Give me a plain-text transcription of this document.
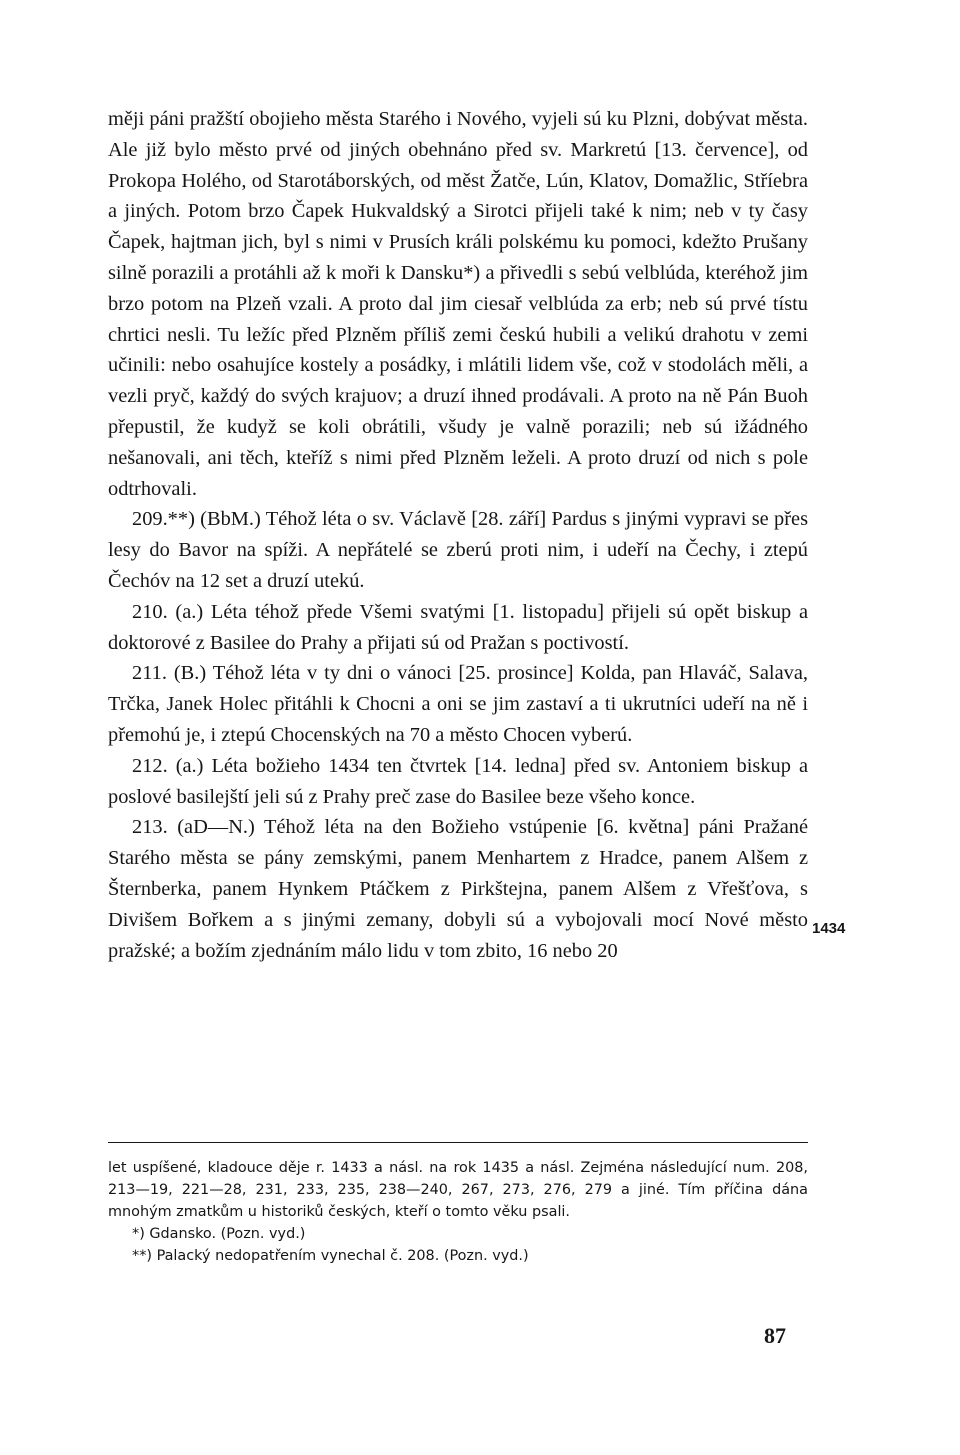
měji páni pražští obojieho města Starého i Nového, vyjeli sú ku Plzni, dobývat města. Ale již bylo město prvé od jiných obehnáno před sv. Markretú [13. července], od Prokopa Holého, od Starotáborských, od měst Žatče, Lún, Klatov, Domažlic, Stříebra a jiných. Potom brzo Čapek Hukvaldský a Sirotci přijeli také k nim; neb v ty časy Čapek, hajtman jich, byl s nimi v Prusích králi polskému ku pomoci, kdežto Prušany silně porazili a protáhli až k moři k Dansku*) a přivedli s sebú velblúda, kteréhož jim brzo potom na Plzeň vzali. A proto dal jim ciesař velblúda za erb; neb sú prvé tístu chrtici nesli. Tu ležíc před Plzněm příliš zemi českú hubili a velikú drahotu v zemi učinili: nebo osahujíce kostely a posádky, i mlátili lidem vše, což v stodolách měli, a vezli pryč, každý do svých krajuov; a druzí ihned prodávali. A proto na ně Pán Buoh přepustil, že kudyž se koli obrátili, všudy je valně porazili; neb sú ižádného nešanovali, ani těch, kteříž s nimi před Plzněm leželi. A proto druzí od nich s pole odtrhovali.

209.**) (BbM.) Téhož léta o sv. Václavě [28. září] Pardus s jinými vypravi se přes lesy do Bavor na spíži. A nepřátelé se zberú proti nim, i udeří na Čechy, i ztepú Čechóv na 12 set a druzí utekú.

210. (a.) Léta téhož přede Všemi svatými [1. listopadu] přijeli sú opět biskup a doktorové z Basilee do Prahy a přijati sú od Pražan s poctivostí.

211. (B.) Téhož léta v ty dni o vánoci [25. prosince] Kolda, pan Hlaváč, Salava, Trčka, Janek Holec přitáhli k Chocni a oni se jim zastaví a ti ukrutníci udeří na ně i přemohú je, i ztepú Chocenských na 70 a město Chocen vyberú.

212. (a.) Léta božieho 1434 ten čtvrtek [14. ledna] před sv. Antoniem biskup a poslové basilejští jeli sú z Prahy preč zase do Basilee beze všeho konce.

213. (aD—N.) Téhož léta na den Božieho vstúpenie [6. května] páni Pražané Starého města se pány zemskými, panem Menhartem z Hradce, panem Alšem z Šternberka, panem Hynkem Ptáčkem z Pirkštejna, panem Alšem z Vřešťova, s Divišem Bořkem a s jinými zemany, dobyli sú a vybojovali mocí Nové město pražské; a božím zjednáním málo lidu v tom zbito, 16 nebo 20

1434

let uspíšené, kladouce děje r. 1433 a násl. na rok 1435 a násl. Zejména následující num. 208, 213—19, 221—28, 231, 233, 235, 238—240, 267, 273, 276, 279 a jiné. Tím příčina dána mnohým zmatkům u historiků českých, kteří o tomto věku psali.

*) Gdansko. (Pozn. vyd.)

**) Palacký nedopatřením vynechal č. 208. (Pozn. vyd.)

87
